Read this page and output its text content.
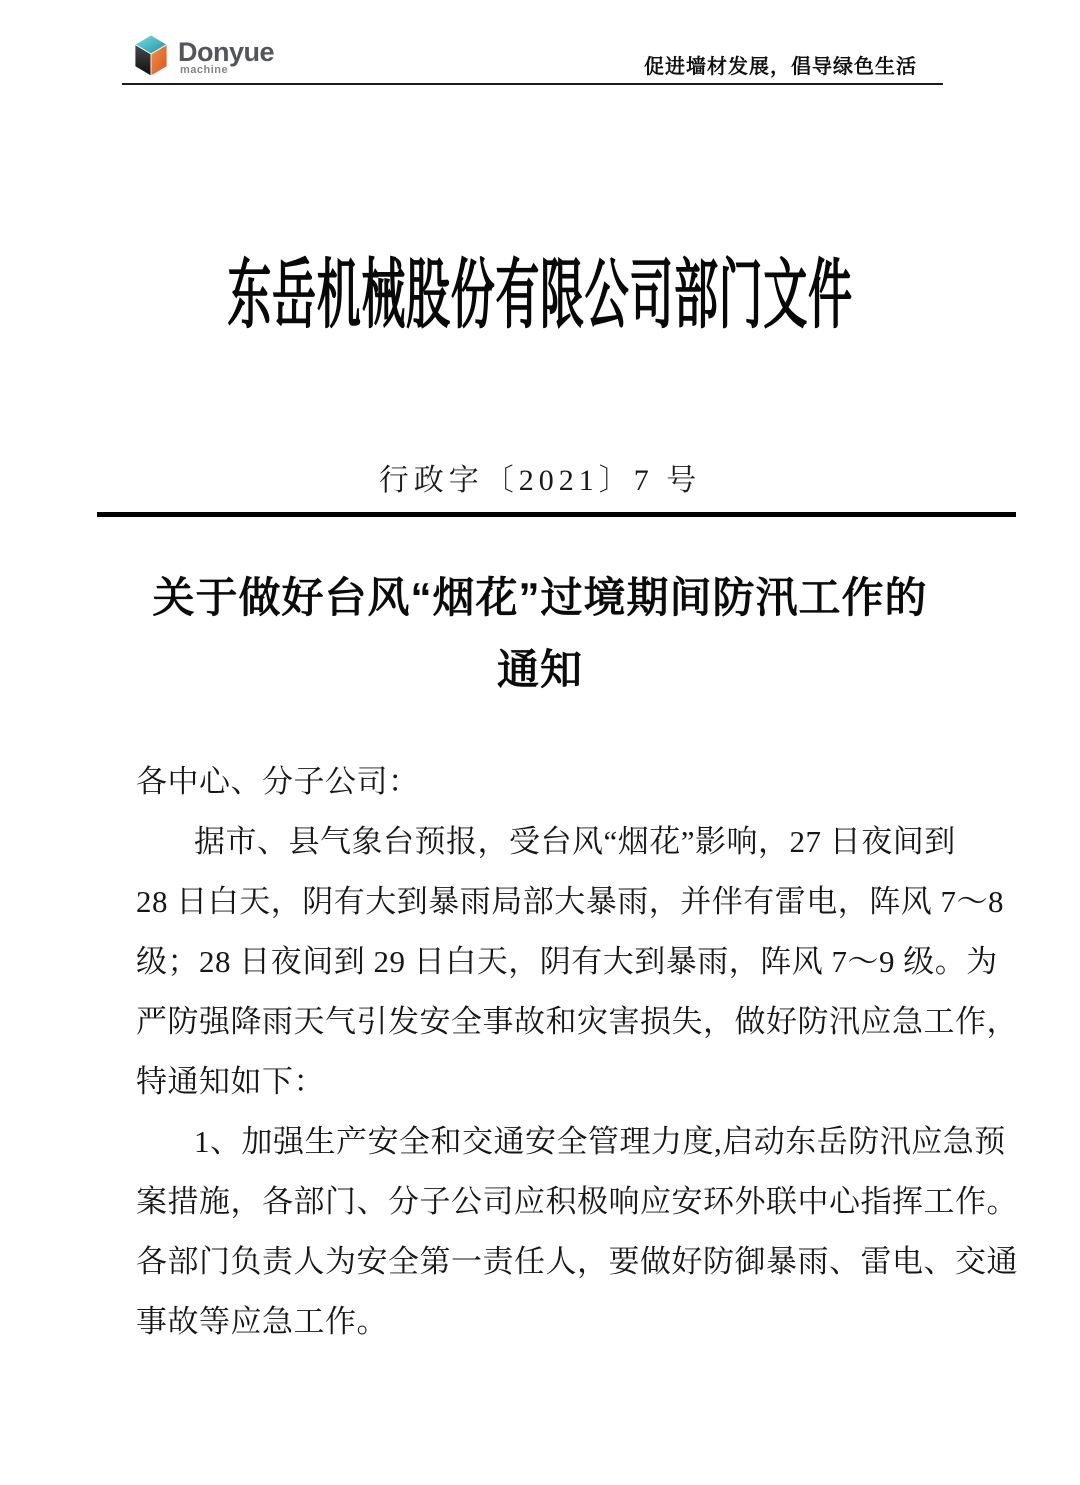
Donyue
machine	促进墙材发展，倡导绿色生活
东岳机械股份有限公司部门文件
行政字〔2021〕7 号
关于做好台风“烟花”过境期间防汛工作的
通知
各中心、分子公司：
据市、县气象台预报，受台风“烟花”影响，27 日夜间到
28 日白天，阴有大到暴雨局部大暴雨，并伴有雷电，阵风 7～8
级；28 日夜间到 29 日白天，阴有大到暴雨，阵风 7～9 级。为
严防强降雨天气引发安全事故和灾害损失，做好防汛应急工作，
特通知如下：
1、加强生产安全和交通安全管理力度,启动东岳防汛应急预
案措施，各部门、分子公司应积极响应安环外联中心指挥工作。
各部门负责人为安全第一责任人，要做好防御暴雨、雷电、交通
事故等应急工作。
